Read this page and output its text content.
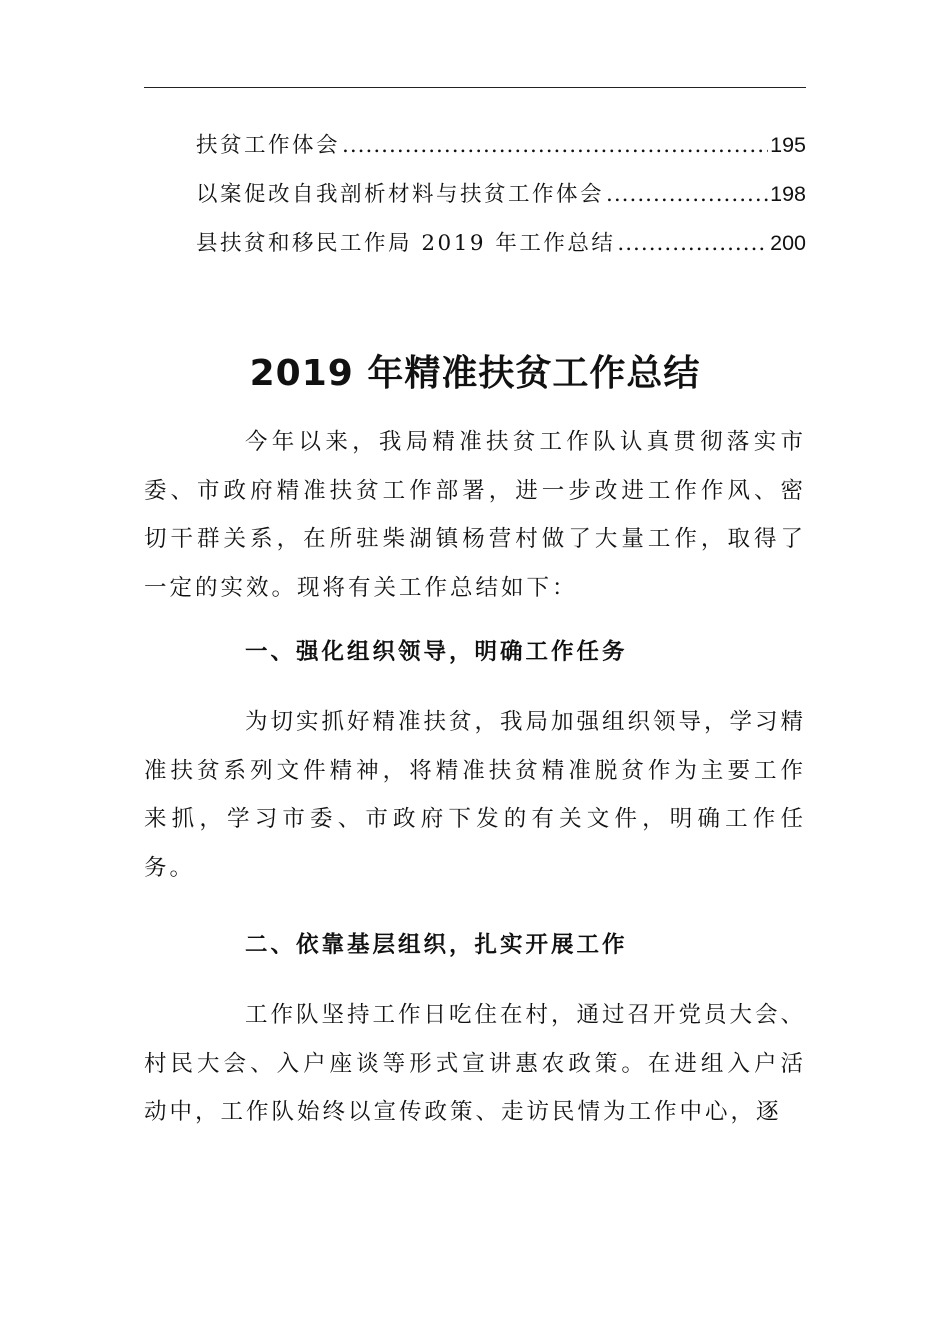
扶贫工作体会 .....	195
以案促改自我剖析材料与扶贫工作体会 .....	198
县扶贫和移民工作局 2019 年工作总结 .....	200
2019 年精准扶贫工作总结

今年以来，我局精准扶贫工作队认真贯彻落实市委、市政府精准扶贫工作部署，进一步改进工作作风、密切干群关系，在所驻柴湖镇杨营村做了大量工作，取得了一定的实效。现将有关工作总结如下：

一、强化组织领导，明确工作任务

为切实抓好精准扶贫，我局加强组织领导，学习精准扶贫系列文件精神，将精准扶贫精准脱贫作为主要工作来抓，学习市委、市政府下发的有关文件，明确工作任务。

二、依靠基层组织，扎实开展工作

工作队坚持工作日吃住在村，通过召开党员大会、村民大会、入户座谈等形式宣讲惠农政策。在进组入户活动中，工作队始终以宣传政策、走访民情为工作中心，逐
